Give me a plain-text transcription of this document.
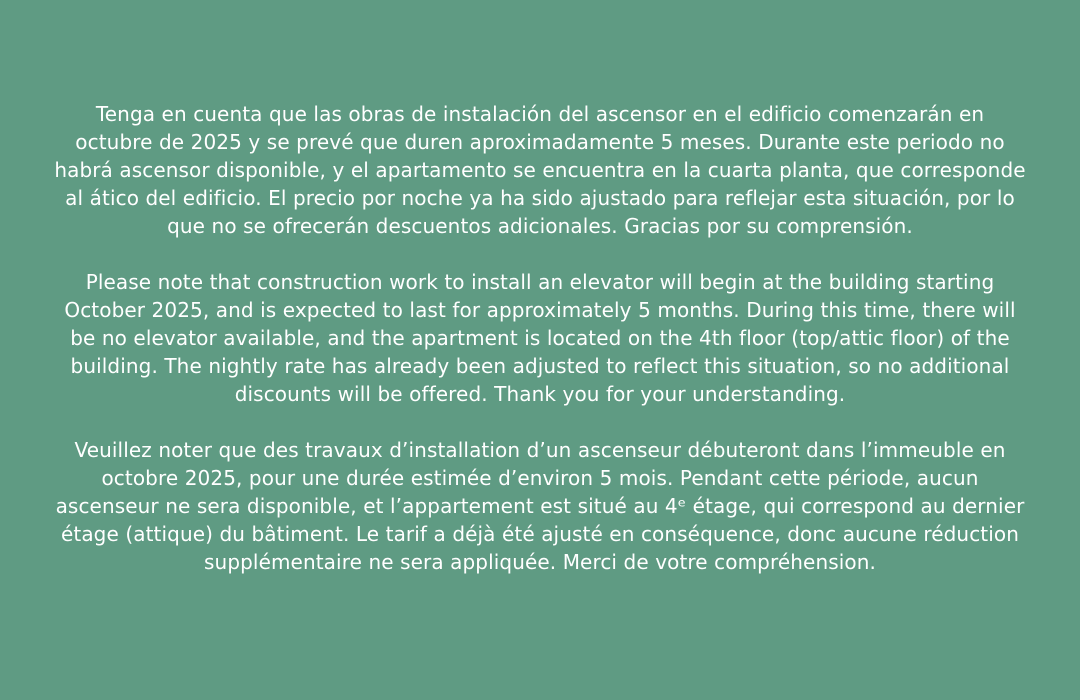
Tenga en cuenta que las obras de instalación del ascensor en el edificio comenzarán en
octubre de 2025 y se prevé que duren aproximadamente 5 meses. Durante este periodo no
habrá ascensor disponible, y el apartamento se encuentra en la cuarta planta, que corresponde
al ático del edificio. El precio por noche ya ha sido ajustado para reflejar esta situación, por lo
que no se ofrecerán descuentos adicionales. Gracias por su comprensión.

Please note that construction work to install an elevator will begin at the building starting
October 2025, and is expected to last for approximately 5 months. During this time, there will
be no elevator available, and the apartment is located on the 4th floor (top/attic floor) of the
building. The nightly rate has already been adjusted to reflect this situation, so no additional
discounts will be offered. Thank you for your understanding.

Veuillez noter que des travaux d’installation d’un ascenseur débuteront dans l’immeuble en
octobre 2025, pour une durée estimée d’environ 5 mois. Pendant cette période, aucun
ascenseur ne sera disponible, et l’appartement est situé au 4ᵉ étage, qui correspond au dernier
étage (attique) du bâtiment. Le tarif a déjà été ajusté en conséquence, donc aucune réduction
supplémentaire ne sera appliquée. Merci de votre compréhension.
